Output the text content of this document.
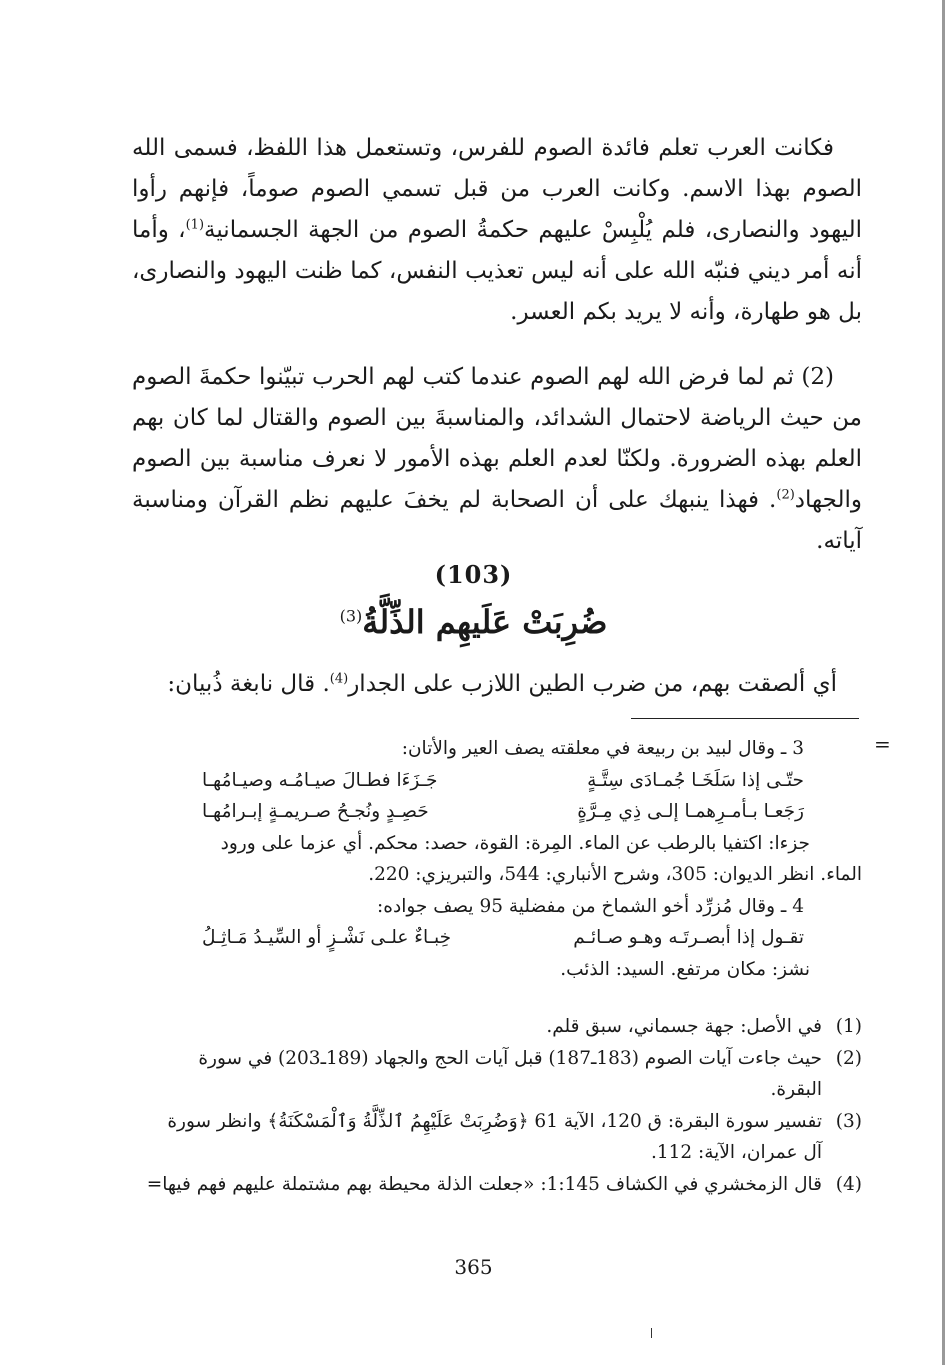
فكانت العرب تعلم فائدة الصوم للفرس، وتستعمل هذا اللفظ، فسمى الله الصوم بهذا الاسم. وكانت العرب من قبل تسمي الصوم صوماً، فإنهم رأوا اليهود والنصارى، فلم يُلْبِسْ عليهم حكمةُ الصوم من الجهة الجسمانية$^{(1)}$، وأما أنه أمر ديني فنبّه الله على أنه ليس تعذيب النفس، كما ظنت اليهود والنصارى، بل هو طهارة، وأنه لا يريد بكم العسر.

(2) ثم لما فرض الله لهم الصوم عندما كتب لهم الحرب تبيّنوا حكمةَ الصوم من حيث الرياضة لاحتمال الشدائد، والمناسبةَ بين الصوم والقتال لما كان بهم العلم بهذه الضرورة. ولكنّا لعدم العلم بهذه الأمور لا نعرف مناسبة بين الصوم والجهاد$^{(2)}$. فهذا ينبهك على أن الصحابة لم يخفَ عليهم نظم القرآن ومناسبة آياته.

(103)
ضُرِبَتْ عَلَيهِم الذِّلَّةُ$^{(3)}$
أي ألصقت بهم، من ضرب الطين اللازب على الجدار$^{(4)}$. قال نابغة ذُبيان:
=
3 ـ وقال لبيد بن ربيعة في معلقته يصف العير والأتان:
حتّـى إذا سَلَخَـا جُمـادَى سِتَّـةٍ
جَـزَءَا فطـالَ صيـامُـه وصيـامُهـا
رَجَعـا بـأمـرِهمـا إلـى ذِي مِـرَّةٍ
حَصِـدٍ ونُجـحُ صـريمـةٍ إبـرامُهـا
جزءا: اكتفيا بالرطب عن الماء. المِرة: القوة، حصد: محكم. أي عزما على ورود
الماء. انظر الديوان: 305، وشرح الأنباري: 544، والتبريزي: 220.
4 ـ وقال مُزرِّد أخو الشماخ من مفضلية 95 يصف جواده:
تقـول إذا أبصـرتَـه وهـو صـائـم
خِبـاءٌ علـى نَشْـزٍ أو السِّيـدُ مَـاثِـلُ
نشز: مكان مرتفع. السيد: الذئب.
(1)
في الأصل: جهة جسماني، سبق قلم.
(2)
حيث جاءت آيات الصوم (183ـ187) قبل آيات الحج والجهاد (189ـ203) في سورة
البقرة.
(3)
تفسير سورة البقرة: ق 120، الآية 61 ﴿وَضُرِبَتْ عَلَيْهِمُ ٱلذِّلَّةُ وَٱلْمَسْكَنَةُ﴾ وانظر سورة
آل عمران، الآية: 112.
(4)
قال الزمخشري في الكشاف 1:145: «جعلت الذلة محيطة بهم مشتملة عليهم فهم فيها=
365
